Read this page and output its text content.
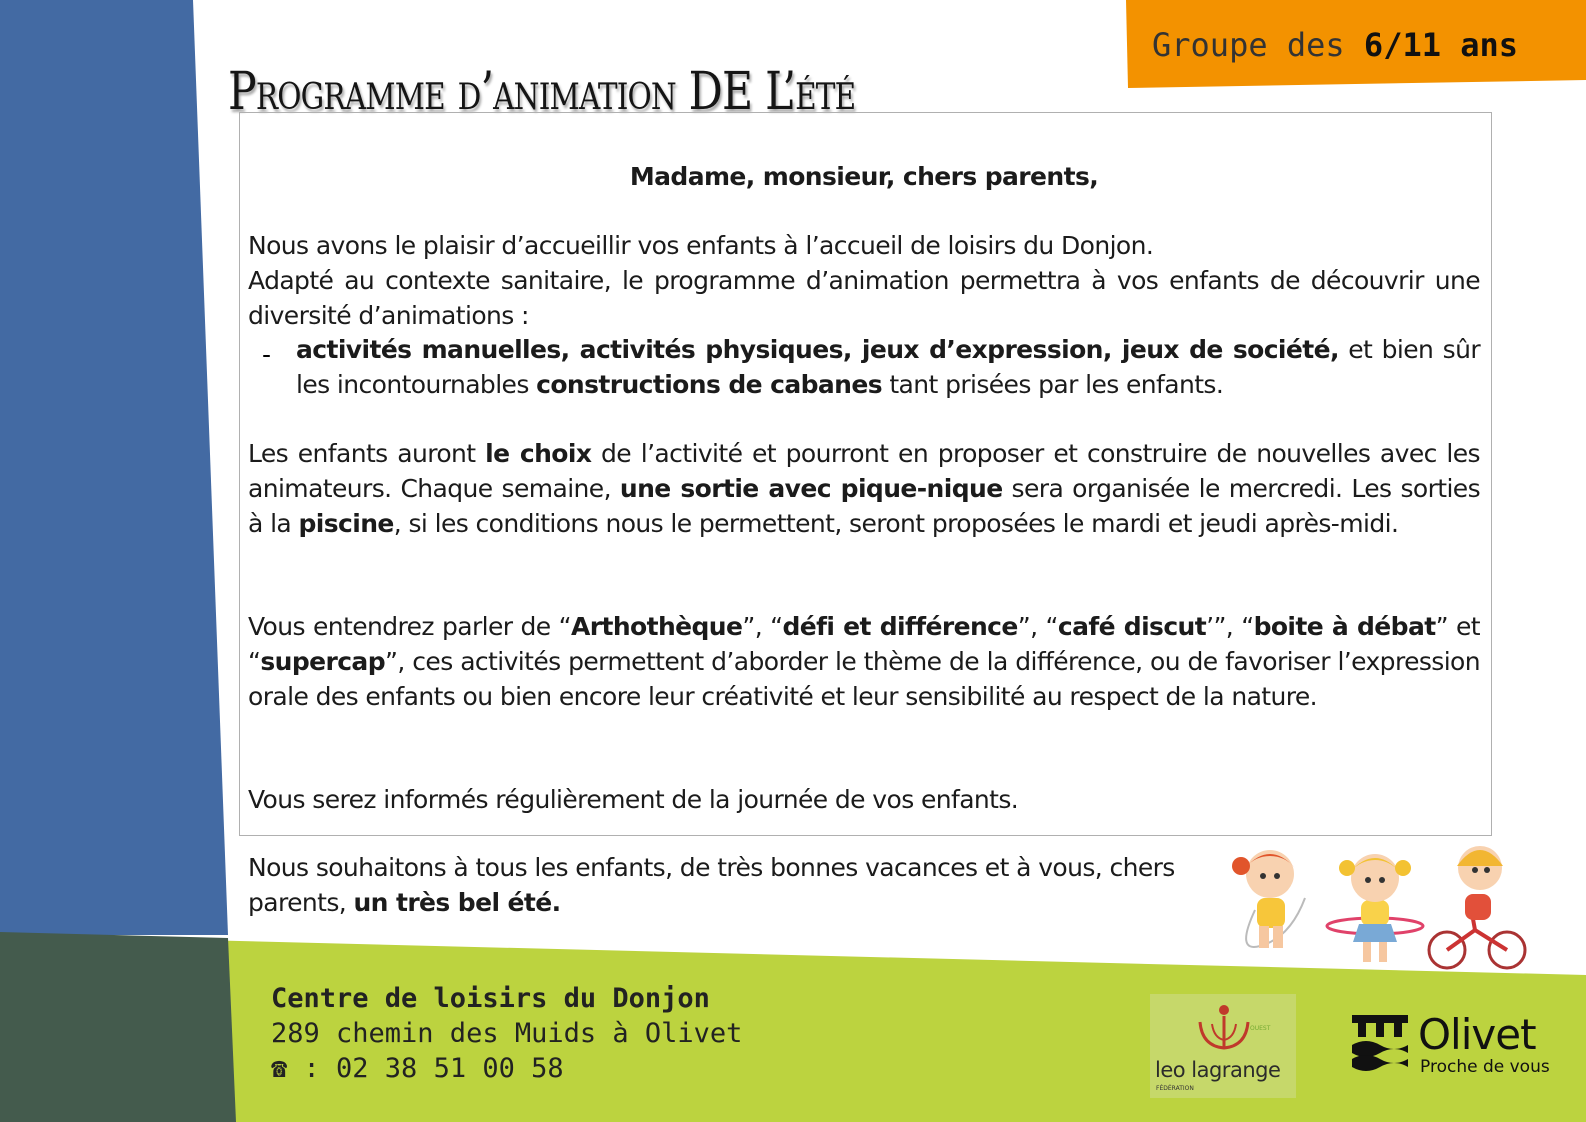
Groupe des 6/11 ans
Programme d’animation DE L’été
Madame, monsieur, chers parents,
Nous avons le plaisir d’accueillir vos enfants à l’accueil de loisirs du Donjon.
Adapté au contexte sanitaire, le programme d’animation permettra à vos enfants de découvrir une diversité d’animations :
- activités manuelles, activités physiques, jeux d’expression, jeux de société, et bien sûr les incontournables constructions de cabanes tant prisées par les enfants.
Les enfants auront le choix de l’activité et pourront en proposer et construire de nouvelles avec les animateurs. Chaque semaine, une sortie avec pique-nique sera organisée le mercredi. Les sorties à la piscine, si les conditions nous le permettent, seront proposées le mardi et jeudi après-midi.
Vous entendrez parler de “Arthothèque”, “défi et différence”, “café discut’”, “boite à débat” et “supercap”, ces activités permettent d’aborder le thème de la différence, ou de favoriser l’expression orale des enfants ou bien encore leur créativité et leur sensibilité au respect de la nature.
Vous serez informés régulièrement de la journée de vos enfants.
Nous souhaitons à tous les enfants, de très bonnes vacances et à vous, chers parents, un très bel été.
Centre de loisirs du Donjon
289 chemin des Muids à Olivet
☎ : 02 38 51 00 58
OUEST
FÉDÉRATION
leo lagrange
Olivet
Proche de vous
